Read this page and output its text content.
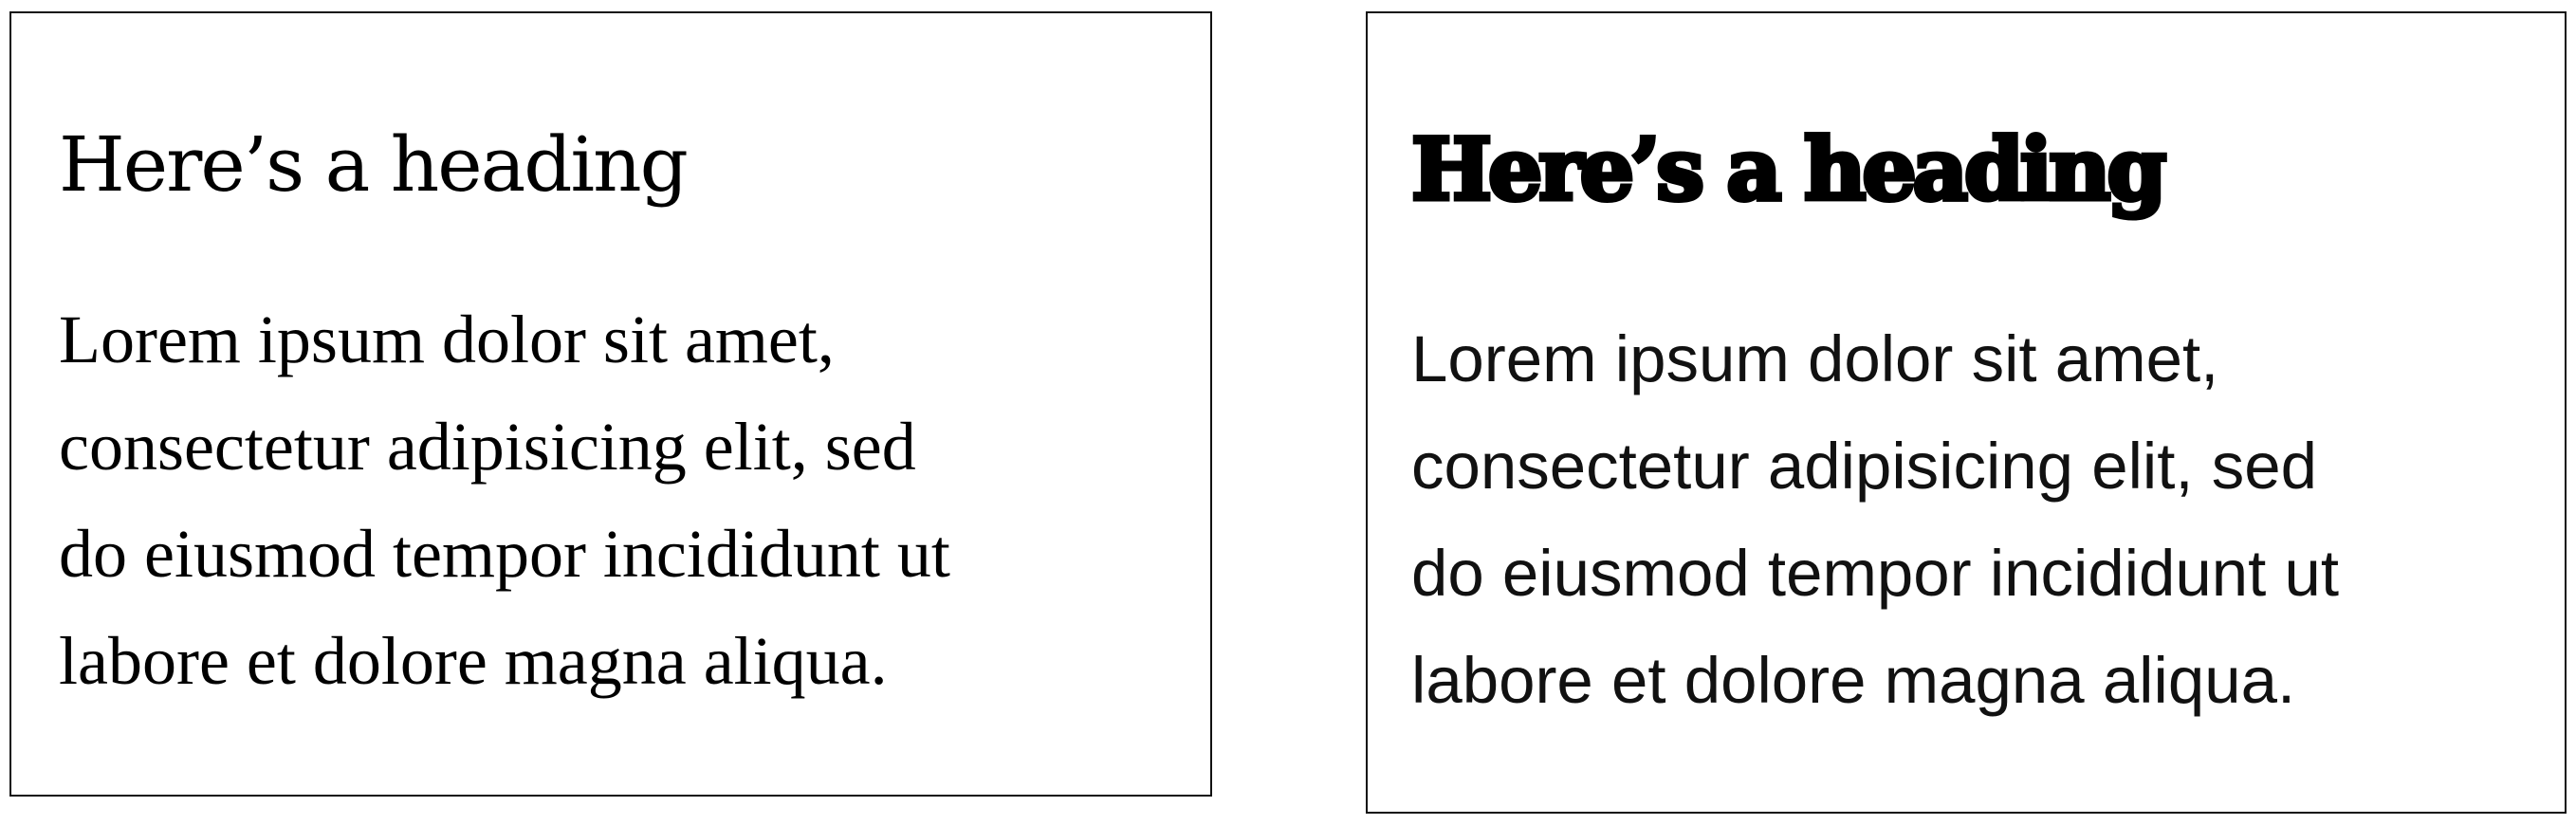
Here’s a heading

Lorem ipsum dolor sit amet,
consectetur adipisicing elit, sed
do eiusmod tempor incididunt ut
labore et dolore magna aliqua.

Here’s a heading

Lorem ipsum dolor sit amet,
consectetur adipisicing elit, sed
do eiusmod tempor incididunt ut
labore et dolore magna aliqua.
